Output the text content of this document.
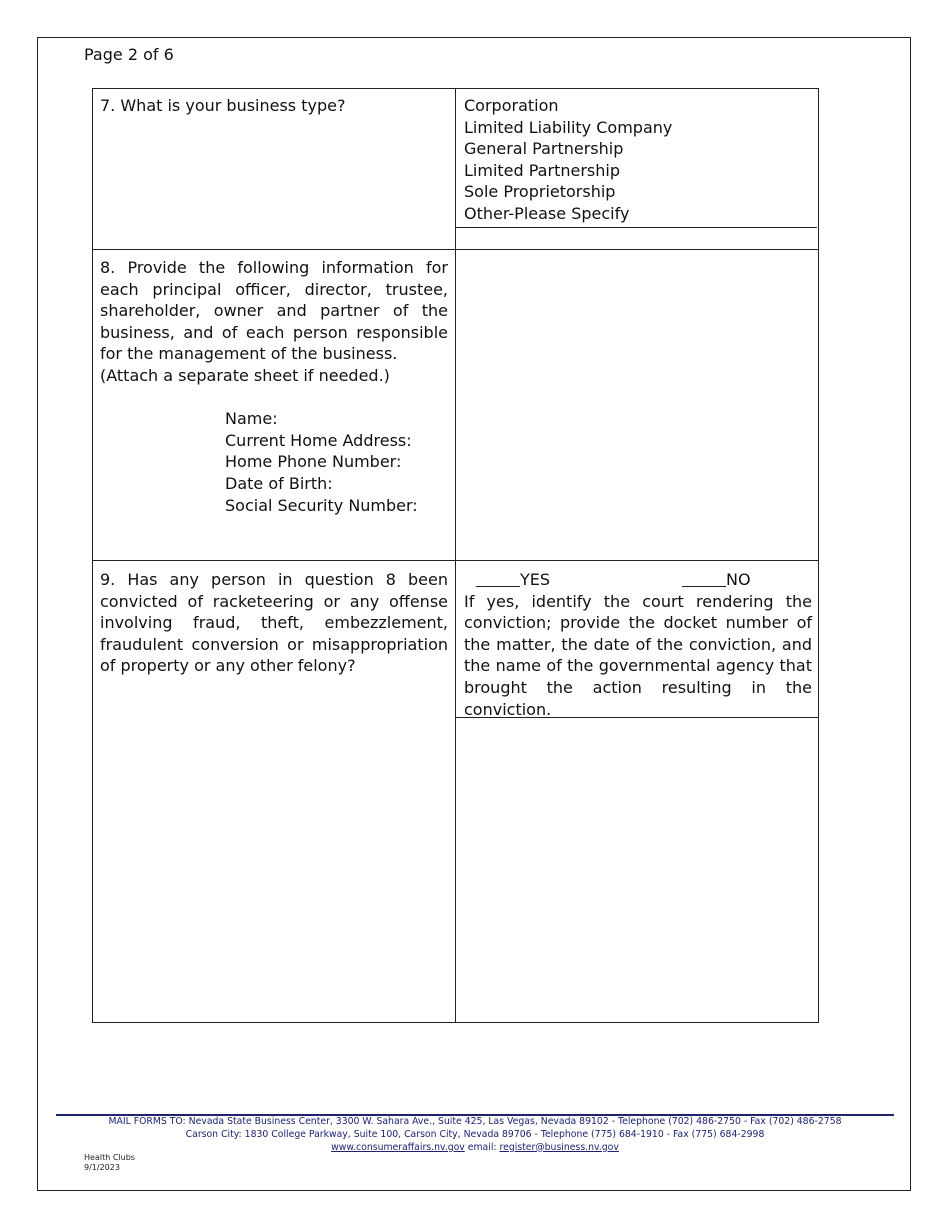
Page 2 of 6
7. What is your business type?	Corporation
Limited Liability Company
General Partnership
Limited Partnership
Sole Proprietorship
Other-Please Specify
8. Provide the following information for each principal officer, director, trustee, shareholder, owner and partner of the business, and of each person responsible for the management of the business.
(Attach a separate sheet if needed.)
Name:
Current Home Address:
Home Phone Number:
Date of Birth:
Social Security Number:
9. Has any person in question 8 been convicted of racketeering or any offense involving fraud, theft, embezzlement, fraudulent conversion or misappropriation of property or any other felony?
YES	NO
If yes, identify the court rendering the conviction; provide the docket number of the matter, the date of the conviction, and the name of the governmental agency that brought the action resulting in the conviction.
MAIL FORMS TO: Nevada State Business Center, 3300 W. Sahara Ave., Suite 425, Las Vegas, Nevada 89102 - Telephone (702) 486-2750 - Fax (702) 486-2758
Carson City: 1830 College Parkway, Suite 100, Carson City, Nevada 89706 - Telephone (775) 684-1910 - Fax (775) 684-2998
www.consumeraffairs.nv.gov email: register@business.nv.gov
Health Clubs
9/1/2023
